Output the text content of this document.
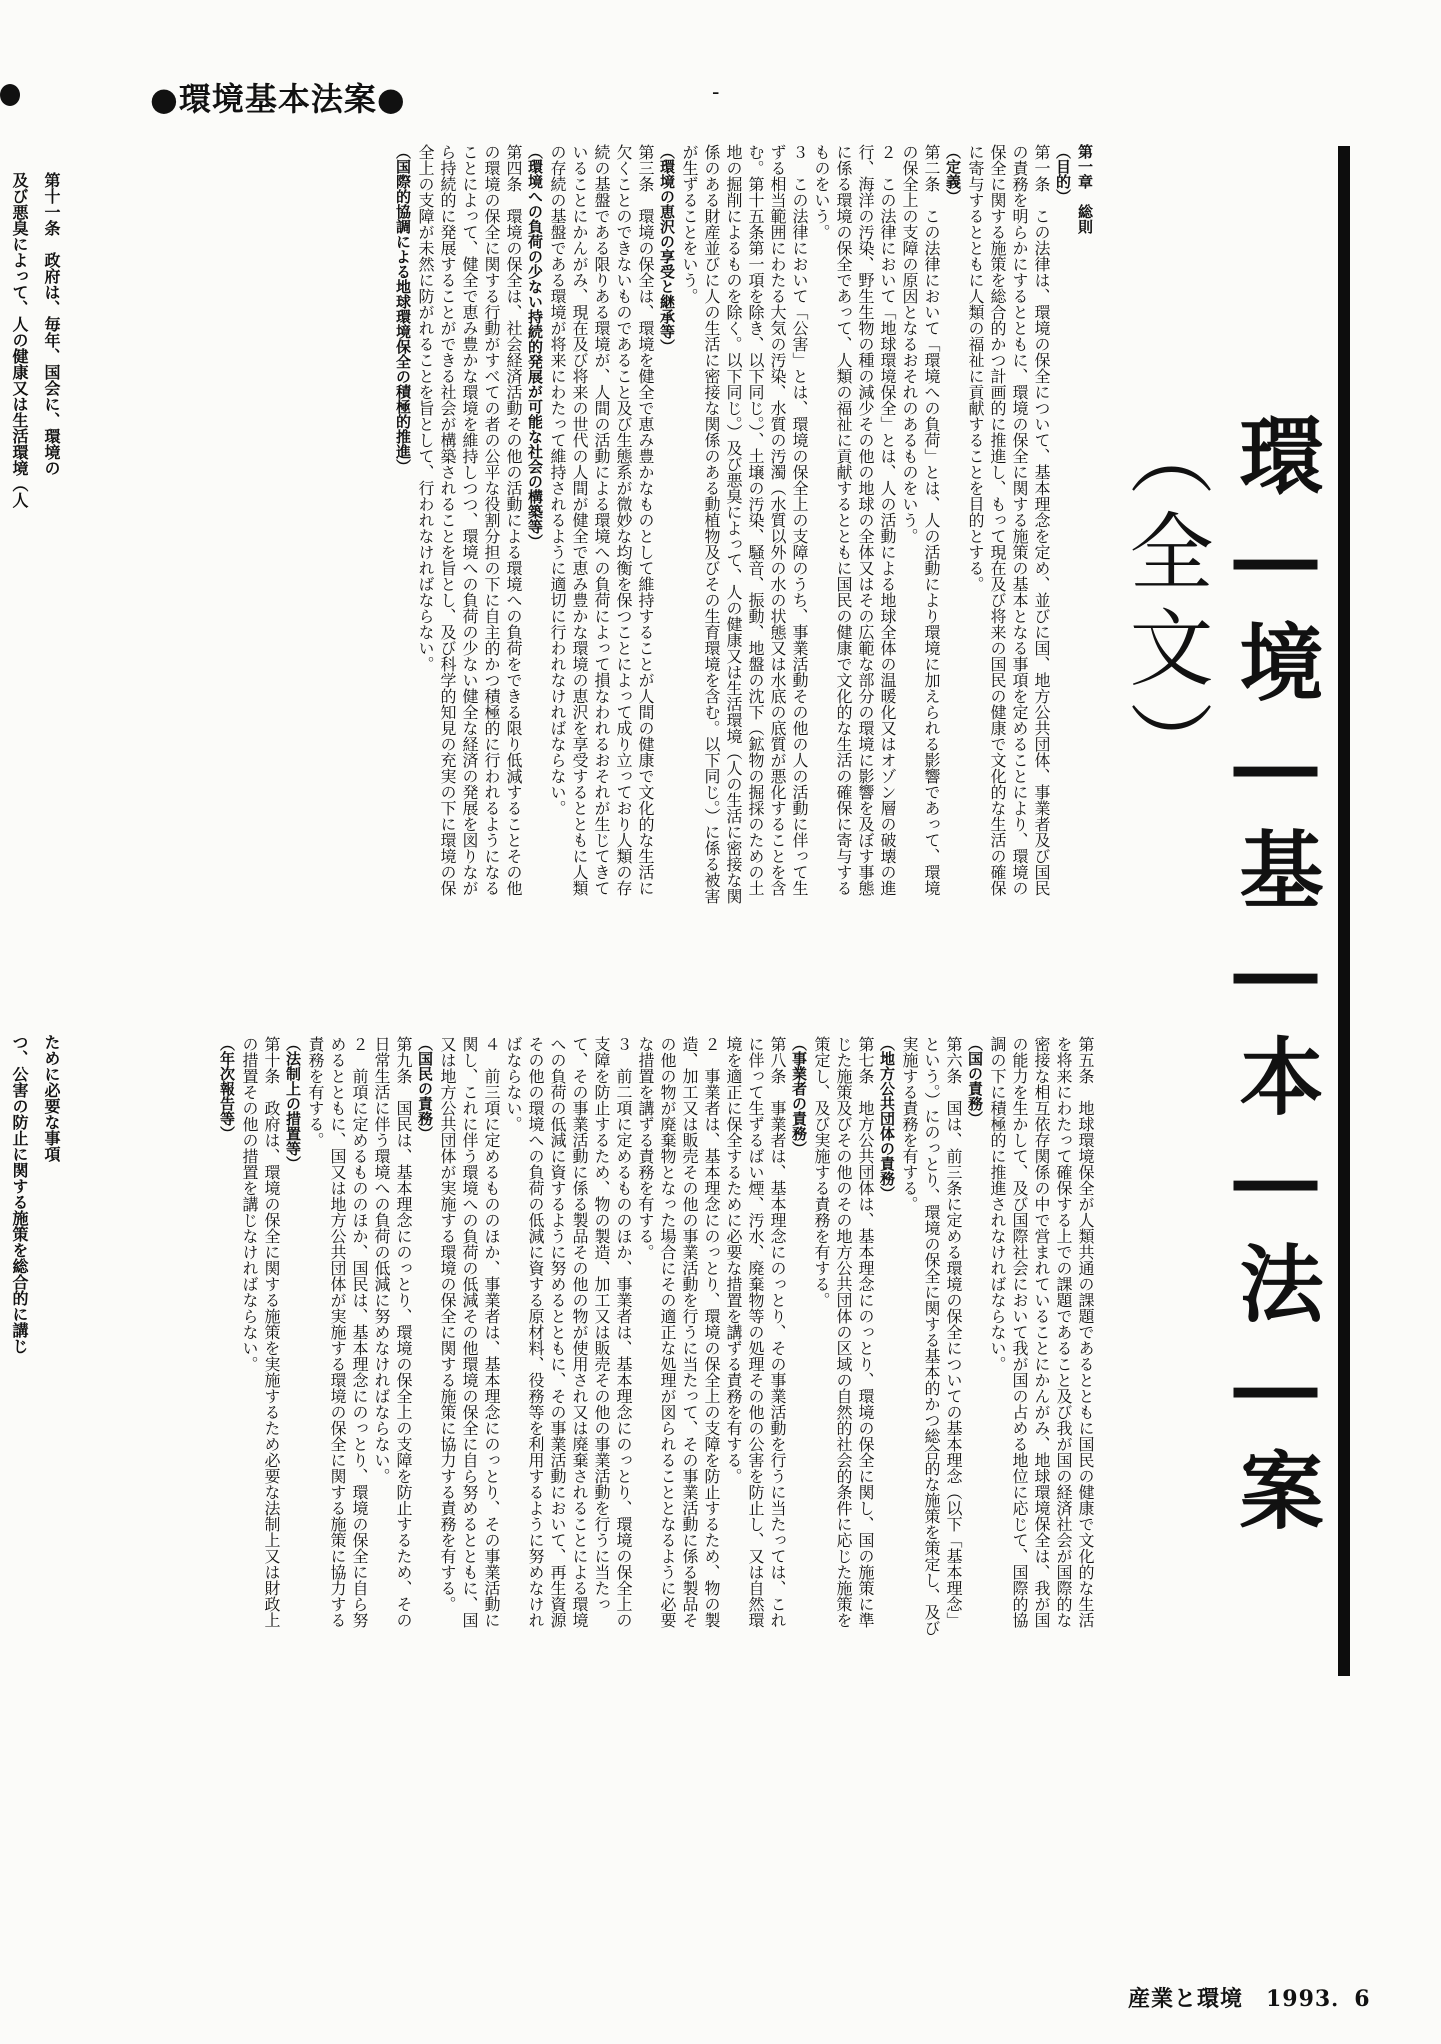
●環境基本法案●	-
第十一条　政府は、毎年、国会に、環境の
及び悪臭によって、人の健康又は生活環境（人
ために必要な事項
つ、公害の防止に関する施策を総合的に講じ

第一章　総則
（目的）
第一条　この法律は、環境の保全について、基本理念を定め、並びに国、地方公共団体、事業者及び国民の責務を明らかにするとともに、環境の保全に関する施策の基本となる事項を定めることにより、環境の保全に関する施策を総合的かつ計画的に推進し、もって現在及び将来の国民の健康で文化的な生活の確保に寄与するとともに人類の福祉に貢献することを目的とする。
（定義）
第二条　この法律において「環境への負荷」とは、人の活動により環境に加えられる影響であって、環境の保全上の支障の原因となるおそれのあるものをいう。
２　この法律において「地球環境保全」とは、人の活動による地球全体の温暖化又はオゾン層の破壊の進行、海洋の汚染、野生生物の種の減少その他の地球の全体又はその広範な部分の環境に影響を及ぼす事態に係る環境の保全であって、人類の福祉に貢献するとともに国民の健康で文化的な生活の確保に寄与するものをいう。
３　この法律において「公害」とは、環境の保全上の支障のうち、事業活動その他の人の活動に伴って生ずる相当範囲にわたる大気の汚染、水質の汚濁（水質以外の水の状態又は水底の底質が悪化することを含む。第十五条第一項を除き、以下同じ。）、土壌の汚染、騒音、振動、地盤の沈下（鉱物の掘採のための土地の掘削によるものを除く。以下同じ。）及び悪臭によって、人の健康又は生活環境（人の生活に密接な関係のある財産並びに人の生活に密接な関係のある動植物及びその生育環境を含む。以下同じ。）に係る被害が生ずることをいう。
（環境の恵沢の享受と継承等）
第三条　環境の保全は、環境を健全で恵み豊かなものとして維持することが人間の健康で文化的な生活に欠くことのできないものであること及び生態系が微妙な均衡を保つことによって成り立っており人類の存続の基盤である限りある環境が、人間の活動による環境への負荷によって損なわれるおそれが生じてきていることにかんがみ、現在及び将来の世代の人間が健全で恵み豊かな環境の恵沢を享受するとともに人類の存続の基盤である環境が将来にわたって維持されるように適切に行われなければならない。
（環境への負荷の少ない持続的発展が可能な社会の構築等）
第四条　環境の保全は、社会経済活動その他の活動による環境への負荷をできる限り低減することその他の環境の保全に関する行動がすべての者の公平な役割分担の下に自主的かつ積極的に行われるようになることによって、健全で恵み豊かな環境を維持しつつ、環境への負荷の少ない健全な経済の発展を図りながら持続的に発展することができる社会が構築されることを旨とし、及び科学的知見の充実の下に環境の保全上の支障が未然に防がれることを旨として、行われなければならない。
（国際的協調による地球環境保全の積極的推進）
第五条　地球環境保全が人類共通の課題であるとともに国民の健康で文化的な生活を将来にわたって確保する上での課題であること及び我が国の経済社会が国際的な密接な相互依存関係の中で営まれていることにかんがみ、地球環境保全は、我が国の能力を生かして、及び国際社会において我が国の占める地位に応じて、国際的協調の下に積極的に推進されなければならない。
（国の責務）
第六条　国は、前三条に定める環境の保全についての基本理念（以下「基本理念」という。）にのっとり、環境の保全に関する基本的かつ総合的な施策を策定し、及び実施する責務を有する。
（地方公共団体の責務）
第七条　地方公共団体は、基本理念にのっとり、環境の保全に関し、国の施策に準じた施策及びその他のその地方公共団体の区域の自然的社会的条件に応じた施策を策定し、及び実施する責務を有する。
（事業者の責務）
第八条　事業者は、基本理念にのっとり、その事業活動を行うに当たっては、これに伴って生ずるばい煙、汚水、廃棄物等の処理その他の公害を防止し、又は自然環境を適正に保全するために必要な措置を講ずる責務を有する。
２　事業者は、基本理念にのっとり、環境の保全上の支障を防止するため、物の製造、加工又は販売その他の事業活動を行うに当たって、その事業活動に係る製品その他の物が廃棄物となった場合にその適正な処理が図られることとなるように必要な措置を講ずる責務を有する。
３　前二項に定めるもののほか、事業者は、基本理念にのっとり、環境の保全上の支障を防止するため、物の製造、加工又は販売その他の事業活動を行うに当たって、その事業活動に係る製品その他の物が使用され又は廃棄されることによる環境への負荷の低減に資するように努めるとともに、その事業活動において、再生資源その他の環境への負荷の低減に資する原材料、役務等を利用するように努めなければならない。
４　前三項に定めるもののほか、事業者は、基本理念にのっとり、その事業活動に関し、これに伴う環境への負荷の低減その他環境の保全に自ら努めるとともに、国又は地方公共団体が実施する環境の保全に関する施策に協力する責務を有する。
（国民の責務）
第九条　国民は、基本理念にのっとり、環境の保全上の支障を防止するため、その日常生活に伴う環境への負荷の低減に努めなければならない。
２　前項に定めるもののほか、国民は、基本理念にのっとり、環境の保全に自ら努めるとともに、国又は地方公共団体が実施する環境の保全に関する施策に協力する責務を有する。
（法制上の措置等）
第十条　政府は、環境の保全に関する施策を実施するため必要な法制上又は財政上の措置その他の措置を講じなければならない。
（年次報告等）
環―境―基―本―法―案（全文）
産業と環境　1993．6
